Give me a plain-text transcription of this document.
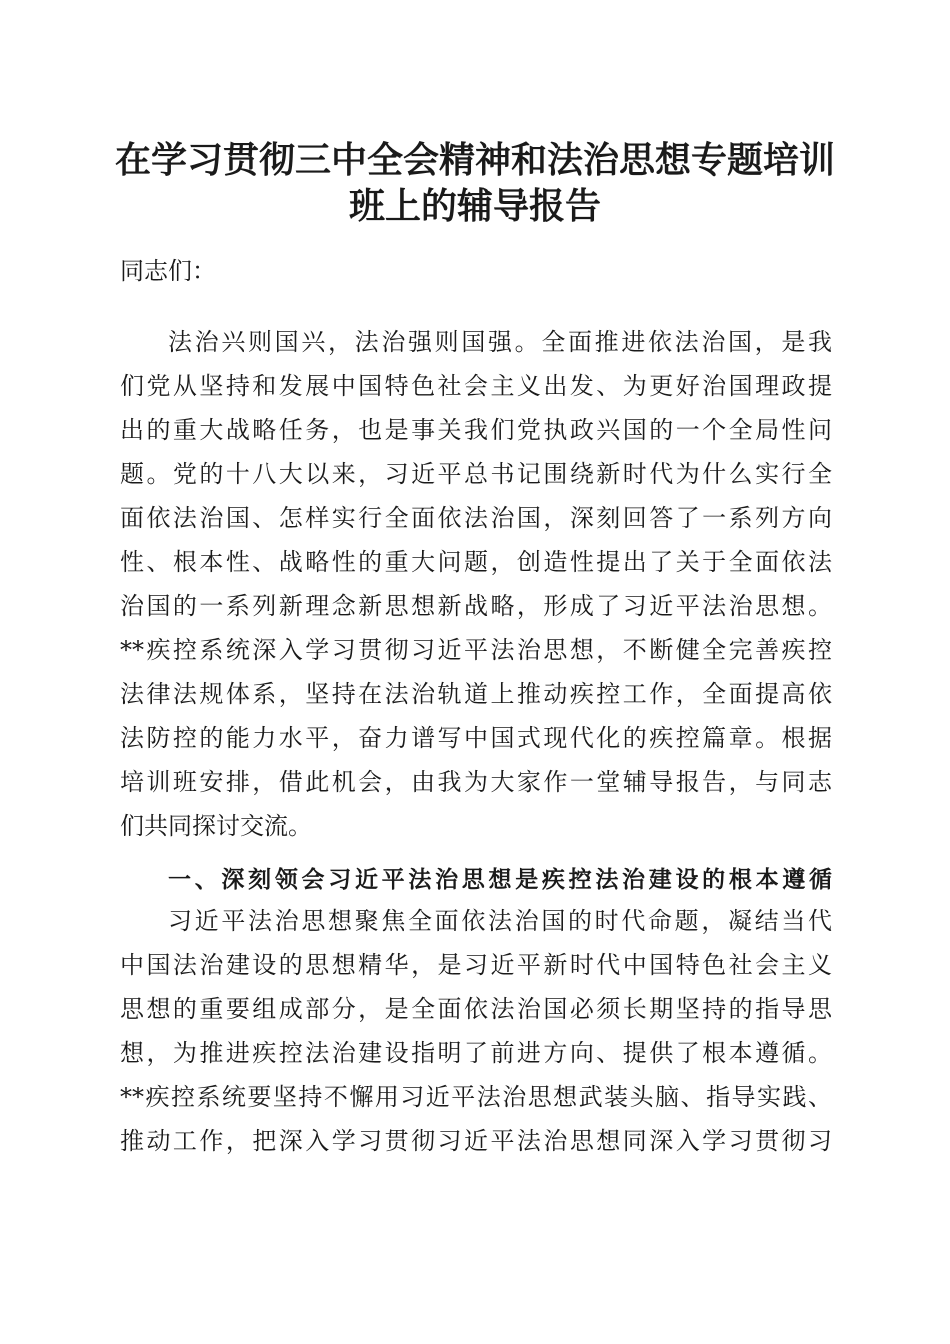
在学习贯彻三中全会精神和法治思想专题培训
班上的辅导报告

同志们：

法治兴则国兴，法治强则国强。全面推进依法治国，是我

们党从坚持和发展中国特色社会主义出发、为更好治国理政提

出的重大战略任务，也是事关我们党执政兴国的一个全局性问

题。党的十八大以来，习近平总书记围绕新时代为什么实行全

面依法治国、怎样实行全面依法治国，深刻回答了一系列方向

性、根本性、战略性的重大问题，创造性提出了关于全面依法

治国的一系列新理念新思想新战略，形成了习近平法治思想。

**疾控系统深入学习贯彻习近平法治思想，不断健全完善疾控

法律法规体系，坚持在法治轨道上推动疾控工作，全面提高依

法防控的能力水平，奋力谱写中国式现代化的疾控篇章。根据

培训班安排，借此机会，由我为大家作一堂辅导报告，与同志

们共同探讨交流。

一、深刻领会习近平法治思想是疾控法治建设的根本遵循

习近平法治思想聚焦全面依法治国的时代命题，凝结当代

中国法治建设的思想精华，是习近平新时代中国特色社会主义

思想的重要组成部分，是全面依法治国必须长期坚持的指导思

想，为推进疾控法治建设指明了前进方向、提供了根本遵循。

**疾控系统要坚持不懈用习近平法治思想武装头脑、指导实践、

推动工作，把深入学习贯彻习近平法治思想同深入学习贯彻习
